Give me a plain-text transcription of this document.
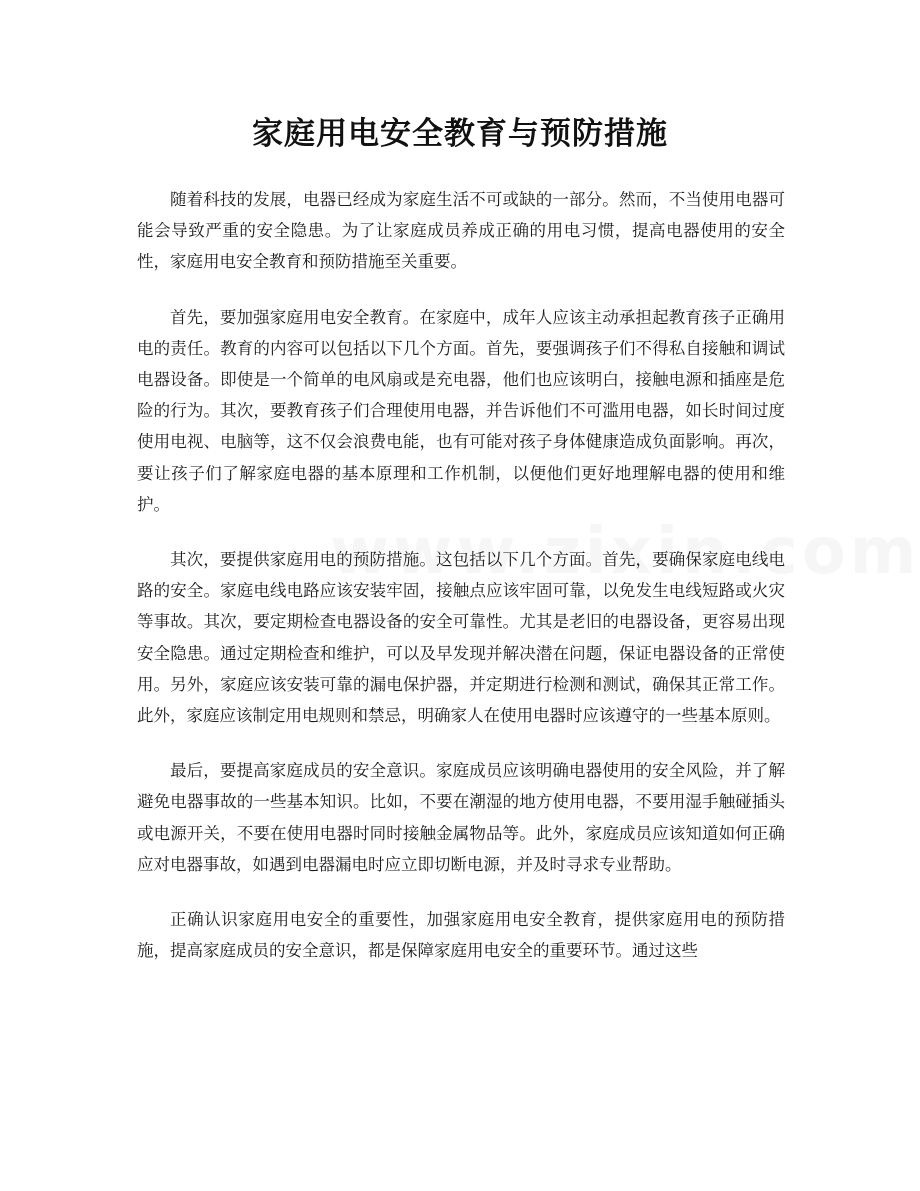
家庭用电安全教育与预防措施

随着科技的发展，电器已经成为家庭生活不可或缺的一部分。然而，不当使用电器可能会导致严重的安全隐患。为了让家庭成员养成正确的用电习惯，提高电器使用的安全性，家庭用电安全教育和预防措施至关重要。

首先，要加强家庭用电安全教育。在家庭中，成年人应该主动承担起教育孩子正确用电的责任。教育的内容可以包括以下几个方面。首先，要强调孩子们不得私自接触和调试电器设备。即使是一个简单的电风扇或是充电器，他们也应该明白，接触电源和插座是危险的行为。其次，要教育孩子们合理使用电器，并告诉他们不可滥用电器，如长时间过度使用电视、电脑等，这不仅会浪费电能，也有可能对孩子身体健康造成负面影响。再次，要让孩子们了解家庭电器的基本原理和工作机制，以便他们更好地理解电器的使用和维护。

其次，要提供家庭用电的预防措施。这包括以下几个方面。首先，要确保家庭电线电路的安全。家庭电线电路应该安装牢固，接触点应该牢固可靠，以免发生电线短路或火灾等事故。其次，要定期检查电器设备的安全可靠性。尤其是老旧的电器设备，更容易出现安全隐患。通过定期检查和维护，可以及早发现并解决潜在问题，保证电器设备的正常使用。另外，家庭应该安装可靠的漏电保护器，并定期进行检测和测试，确保其正常工作。此外，家庭应该制定用电规则和禁忌，明确家人在使用电器时应该遵守的一些基本原则。

最后，要提高家庭成员的安全意识。家庭成员应该明确电器使用的安全风险，并了解避免电器事故的一些基本知识。比如，不要在潮湿的地方使用电器，不要用湿手触碰插头或电源开关，不要在使用电器时同时接触金属物品等。此外，家庭成员应该知道如何正确应对电器事故，如遇到电器漏电时应立即切断电源，并及时寻求专业帮助。

正确认识家庭用电安全的重要性，加强家庭用电安全教育，提供家庭用电的预防措施，提高家庭成员的安全意识，都是保障家庭用电安全的重要环节。通过这些
